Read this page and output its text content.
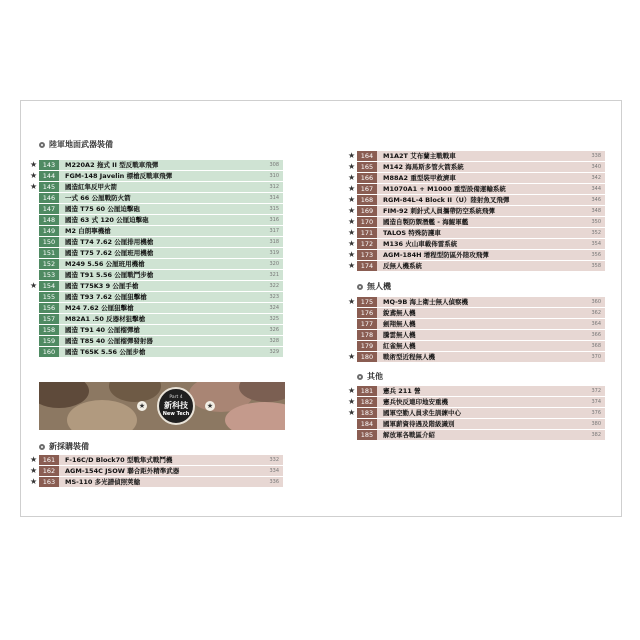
陸軍地面武器裝備
★ 143	M220A2 拖式 II 型反戰車飛彈	308
★ 144	FGM-148 Javelin 標槍反戰車飛彈	310
★ 145	國造紅隼反甲火箭	312
146	一式 66 公厘戰防火箭	314
147	國造 T75 60 公厘迫擊砲	315
148	國造 63 式 120 公厘迫擊砲	316
149	M2 白朗寧機槍	317
150	國造 T74 7.62 公厘排用機槍	318
151	國造 T75 7.62 公厘班用機槍	319
152	M249 5.56 公厘班用機槍	320
153	國造 T91 5.56 公厘戰鬥步槍	321
★ 154	國造 T75K3 9 公厘手槍	322
155	國造 T93 7.62 公厘狙擊槍	323
156	M24 7.62 公厘狙擊槍	324
157	M82A1 .50 反器材狙擊槍	325
158	國造 T91 40 公厘榴彈槍	326
159	國造 T85 40 公厘榴彈發射器	328
160	國造 T65K 5.56 公厘步槍	329
★	★
Part 4
新科技
New Tech
新採購裝備
★ 161	F-16C/D Block70 型戰隼式戰鬥機	332
★ 162	AGM-154C JSOW 聯合距外精準武器	334
★ 163	MS-110 多光譜偵照莢艙	336
★ 164	M1A2T 艾布蘭主戰戰車	338
★ 165	M142 海馬斯多管火箭系統	340
★ 166	M88A2 重型裝甲救濟車	342
★ 167	M1070A1 + M1000 重型設備運輸系統	344
★ 168	RGM-84L-4 Block II（U）陸射魚叉飛彈	346
★ 169	FIM-92 刺針式人員攜帶防空系統飛彈	348
★ 170	國造自製防禦潛艦 - 海鯤軍艦	350
★ 171	TALOS 特殊防護車	352
★ 172	M136 火山車載佈雷系統	354
★ 173	AGM-184H 增程型防區外陸攻飛彈	356
★ 174	反無人機系統	358
無人機
★ 175	MQ-9B 海上衛士無人偵察機	360
176	銳鳶無人機	362
177	劍翔無人機	364
178	騰雲無人機	366
179	紅雀無人機	368
★ 180	戰術型近程無人機	370
其他
★ 181	憲兵 211 營	372
★ 182	憲兵快反連印地安重機	374
★ 183	國軍空勤人員求生訓練中心	376
184	國軍薪資待遇及階級識別	380
185	解放軍各戰區介紹	382
